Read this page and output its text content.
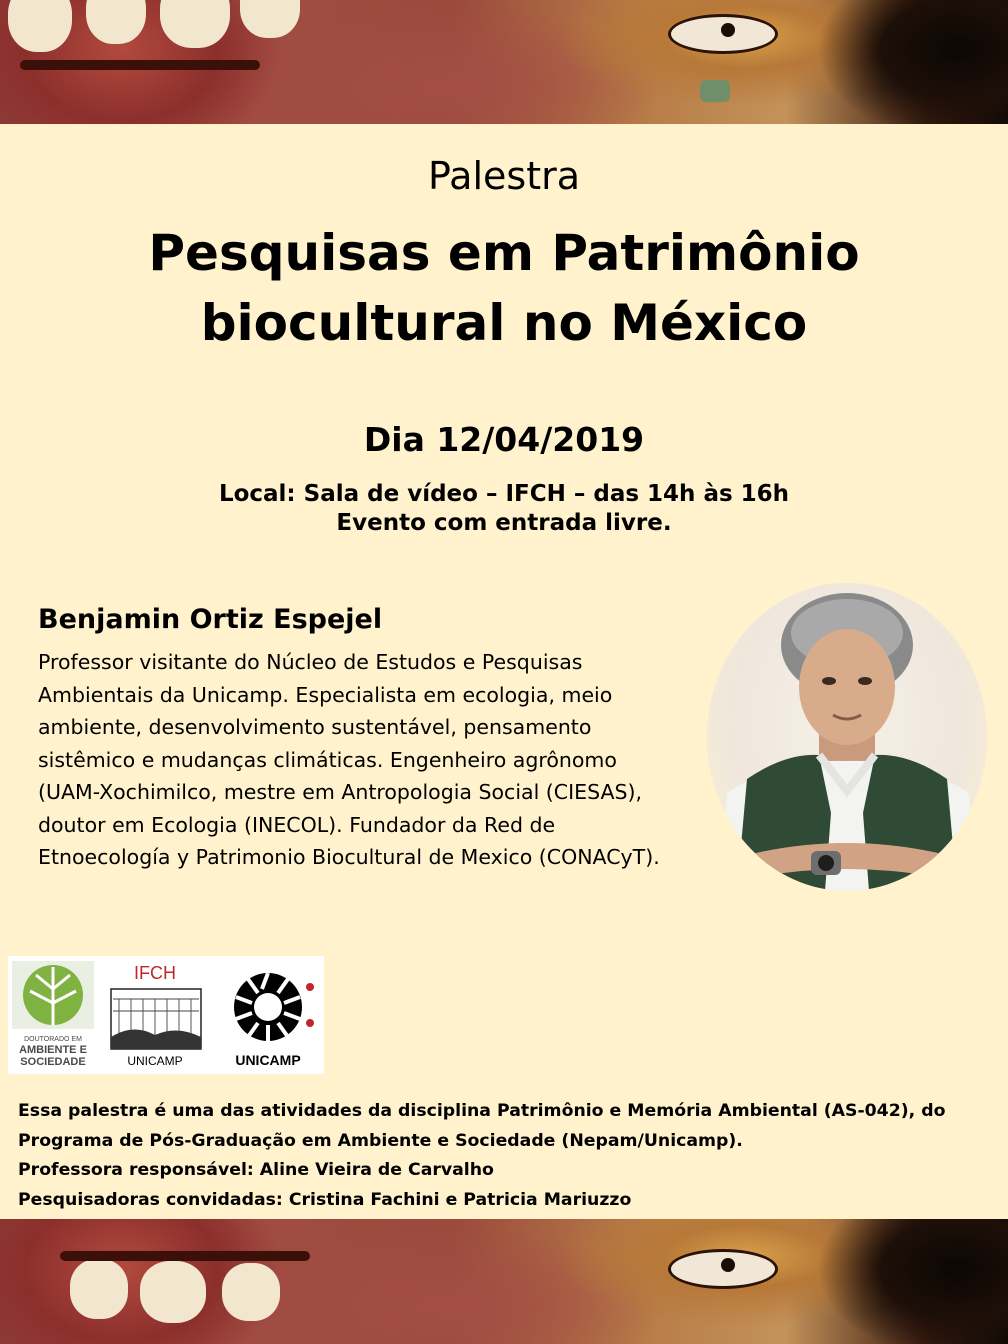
Palestra
Pesquisas em Patrimônio
biocultural no México
Dia 12/04/2019
Local: Sala de vídeo – IFCH – das 14h às 16h
Evento com entrada livre.
Benjamin Ortiz Espejel

Professor visitante do Núcleo de Estudos e Pesquisas Ambientais da Unicamp. Especialista em ecologia, meio ambiente, desenvolvimento sustentável, pensamento sistêmico e mudanças climáticas. Engenheiro agrônomo (UAM-Xochimilco, mestre em Antropologia Social (CIESAS), doutor em Ecologia (INECOL). Fundador da Red de Etnoecología y Patrimonio Biocultural de Mexico (CONACyT).

DOUTORADO EM
AMBIENTE E
SOCIEDADE
IFCH
UNICAMP	UNICAMP

Essa palestra é uma das atividades da disciplina Patrimônio e Memória Ambiental (AS-042), do

Programa de Pós-Graduação em Ambiente e Sociedade (Nepam/Unicamp).

Professora responsável: Aline Vieira de Carvalho

Pesquisadoras convidadas: Cristina Fachini e Patricia Mariuzzo
